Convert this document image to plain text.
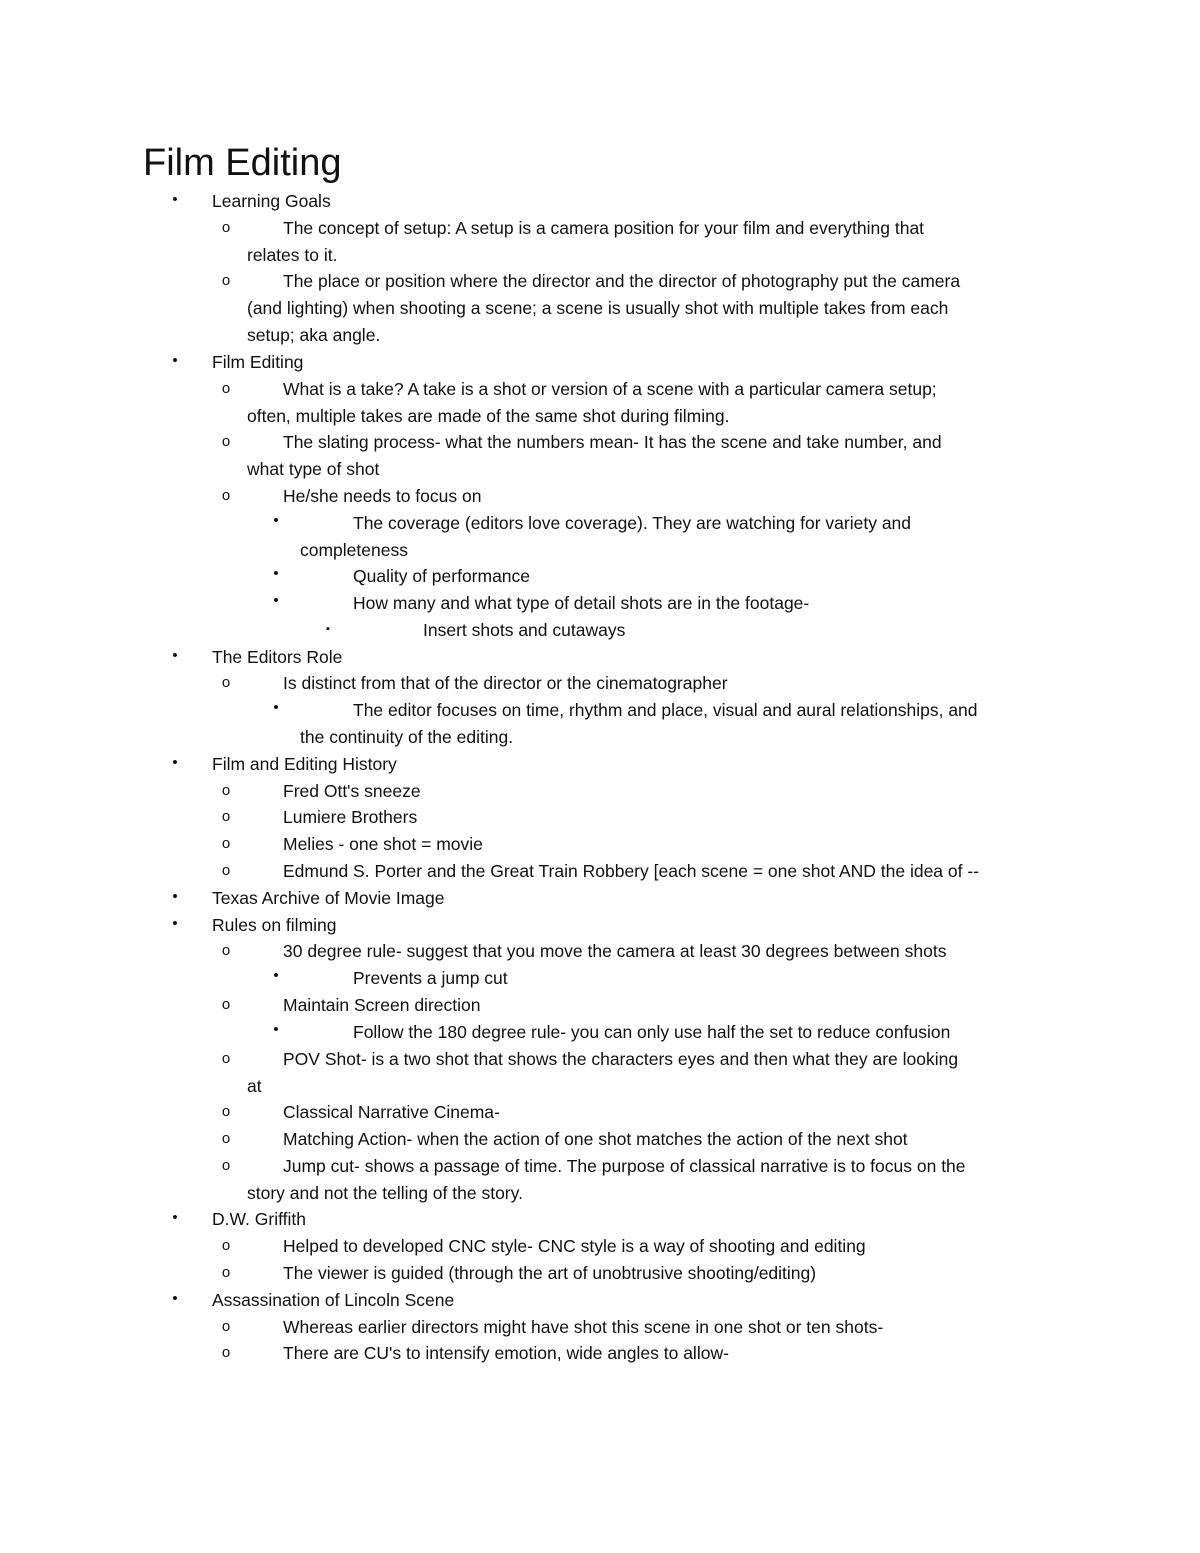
Film Editing
•	Learning Goals
o	The concept of setup: A setup is a camera position for your film and everything that
relates to it.
o	The place or position where the director and the director of photography put the camera
(and lighting) when shooting a scene; a scene is usually shot with multiple takes from each
setup; aka angle.
•	Film Editing
o	What is a take? A take is a shot or version of a scene with a particular camera setup;
often, multiple takes are made of the same shot during filming.
o	The slating process- what the numbers mean- It has the scene and take number, and
what type of shot
o	He/she needs to focus on
•	The coverage (editors love coverage). They are watching for variety and
completeness
•	Quality of performance
•	How many and what type of detail shots are in the footage-
▪	Insert shots and cutaways
•	The Editors Role
o	Is distinct from that of the director or the cinematographer
•	The editor focuses on time, rhythm and place, visual and aural relationships, and
the continuity of the editing.
•	Film and Editing History
o	Fred Ott's sneeze
o	Lumiere Brothers
o	Melies - one shot = movie
o	Edmund S. Porter and the Great Train Robbery [each scene = one shot AND the idea of --
•	Texas Archive of Movie Image
•	Rules on filming
o	30 degree rule- suggest that you move the camera at least 30 degrees between shots
•	Prevents a jump cut
o	Maintain Screen direction
•	Follow the 180 degree rule- you can only use half the set to reduce confusion
o	POV Shot- is a two shot that shows the characters eyes and then what they are looking
at
o	Classical Narrative Cinema-
o	Matching Action- when the action of one shot matches the action of the next shot
o	Jump cut- shows a passage of time. The purpose of classical narrative is to focus on the
story and not the telling of the story.
•	D.W. Griffith
o	Helped to developed CNC style- CNC style is a way of shooting and editing
o	The viewer is guided (through the art of unobtrusive shooting/editing)
•	Assassination of Lincoln Scene
o	Whereas earlier directors might have shot this scene in one shot or ten shots-
o	There are CU's to intensify emotion, wide angles to allow-
